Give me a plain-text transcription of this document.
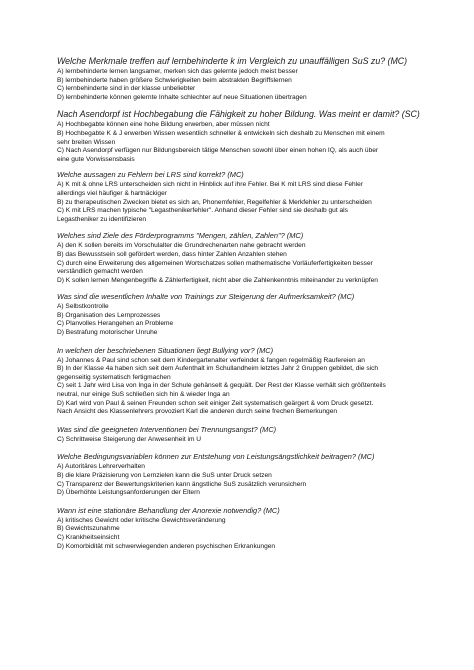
Welche Merkmale treffen auf lernbehinderte k im Vergleich zu unauffälligen SuS zu? (MC)
A) lernbehinderte lernen langsamer, merken sich das gelernte jedoch meist besser
B) lernbehinderte haben größere Schwierigkeiten beim abstrakten Begriffslernen
C) lernbehinderte sind in der klasse unbeliebter
D) lernbehinderte können gelernte Inhalte schlechter auf neue Situationen übertragen
Nach Asendorpf ist Hochbegabung die Fähigkeit zu hoher Bildung. Was meint er damit? (SC)
A) Hochbegabte können eine hohe Bildung erwerben, aber müssen nicht
B) Hochbegabte K & J erwerben Wissen wesentlich schneller & entwickeln sich deshalb zu Menschen mit einem
sehr breiten Wissen
C) Nach Asendorpf verfügen nur Bildungsbereich tätige Menschen sowohl über einen hohen IQ, als auch über
eine gute Vorwissensbasis
Welche aussagen zu Fehlern bei LRS sind korrekt? (MC)
A) K mit & ohne LRS unterscheiden sich nicht in Hinblick auf ihre Fehler. Bei K mit LRS sind diese Fehler
allerdings viel häufiger & hartnäckiger
B) zu therapeutischen Zwecken bietet es sich an, Phonemfehler, Regelfehler & Merkfehler zu unterscheiden
C) K mit LRS machen typische "Legasthenikerfehler". Anhand dieser Fehler sind sie deshalb gut als
Legastheniker zu identifizieren
Welches sind Ziele des Förderprogramms "Mengen, zählen, Zahlen"? (MC)
A) den K sollen bereits im Vorschulalter die Grundrechenarten nahe gebracht werden
B) das Bewusstsein soll gefördert werden, dass hinter Zahlen Anzahlen stehen
C) durch eine Erweiterung des allgemeinen Wortschatzes sollen mathematische Vorläuferfertigkeiten besser
verständlich gemacht werden
D) K sollen lernen Mengenbegriffe & Zählerfertigkeit, nicht aber die Zahlenkenntnis miteinander zu verknüpfen
Was sind die wesentlichen Inhalte von Trainings zur Steigerung der Aufmerksamkeit? (MC)
A) Selbstkontrolle
B) Organisation des Lernprozesses
C) Planvolles Herangehen an Probleme
D) Bestrafung motorischer Unruhe
In welchen der beschriebenen Situationen liegt Bullying vor? (MC)
A) Johannes & Paul sind schon seit dem Kindergartenalter verfeindet & fangen regelmäßig Raufereien an
B) In der Klasse 4a haben sich seit dem Aufenthalt im Schullandheim letztes Jahr 2 Gruppen gebildet, die sich
gegenseitig systematisch fertigmachen
C) seit 1 Jahr wird Lisa von Inga in der Schule gehänselt & gequält. Der Rest der Klasse verhält sich größtenteils
neutral, nur einige SuS schließen sich hin & wieder Inga an
D) Karl wird von Paul & seinen Freunden schon seit einiger Zeit systematisch geärgert & vom Druck gesetzt.
Nach Ansicht des Klassenlehrers provoziert Karl die anderen durch seine frechen Bemerkungen
Was sind die geeigneten Interventionen bei Trennungsangst? (MC)
C) Schrittweise Steigerung der Anwesenheit im U
Welche Bedingungsvariablen können zur Entstehung von Leistungsängstlichkeit beitragen? (MC)
A) Autoritäres Lehrerverhalten
B) die klare Präzisierung von Lernzielen kann die SuS unter Druck setzen
C) Transparenz der Bewertungskriterien kann ängstliche SuS zusätzlich verunsichern
D) Überhöhte Leistungsanforderungen der Eltern
Wann ist eine stationäre Behandlung der Anorexie notwendig? (MC)
A) kritisches Gewicht oder kritische Gewichtsveränderung
B) Gewichtszunahme
C) Krankheitseinsicht
D) Komorbidität mit schwerwiegenden anderen psychischen Erkrankungen
